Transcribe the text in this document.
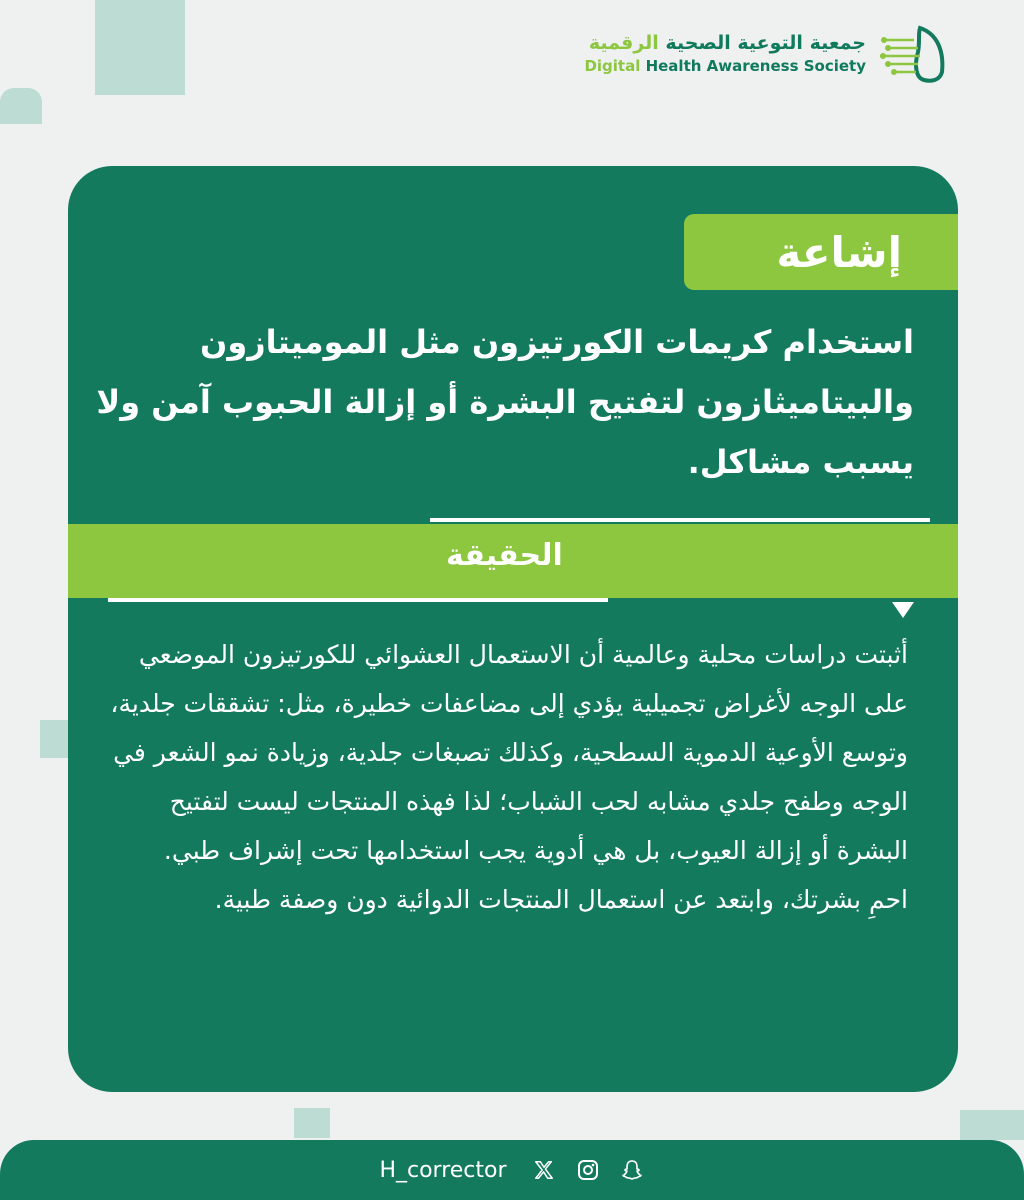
جمعية التوعية الصحية الرقمية
Digital Health Awareness Society
إشاعة
استخدام كريمات الكورتيزون مثل المومیتازون والبيتاميثازون لتفتيح البشرة أو إزالة الحبوب آمن ولا يسبب مشاكل.
الحقيقة
أثبتت دراسات محلية وعالمية أن الاستعمال العشوائي للكورتيزون الموضعي على الوجه لأغراض تجميلية يؤدي إلى مضاعفات خطيرة، مثل: تشققات جلدية، وتوسع الأوعية الدموية السطحية، وكذلك تصبغات جلدية، وزيادة نمو الشعر في الوجه وطفح جلدي مشابه لحب الشباب؛ لذا فهذه المنتجات ليست لتفتيح البشرة أو إزالة العيوب، بل هي أدوية يجب استخدامها تحت إشراف طبي.
احمِ بشرتك، وابتعد عن استعمال المنتجات الدوائية دون وصفة طبية.
H_corrector
